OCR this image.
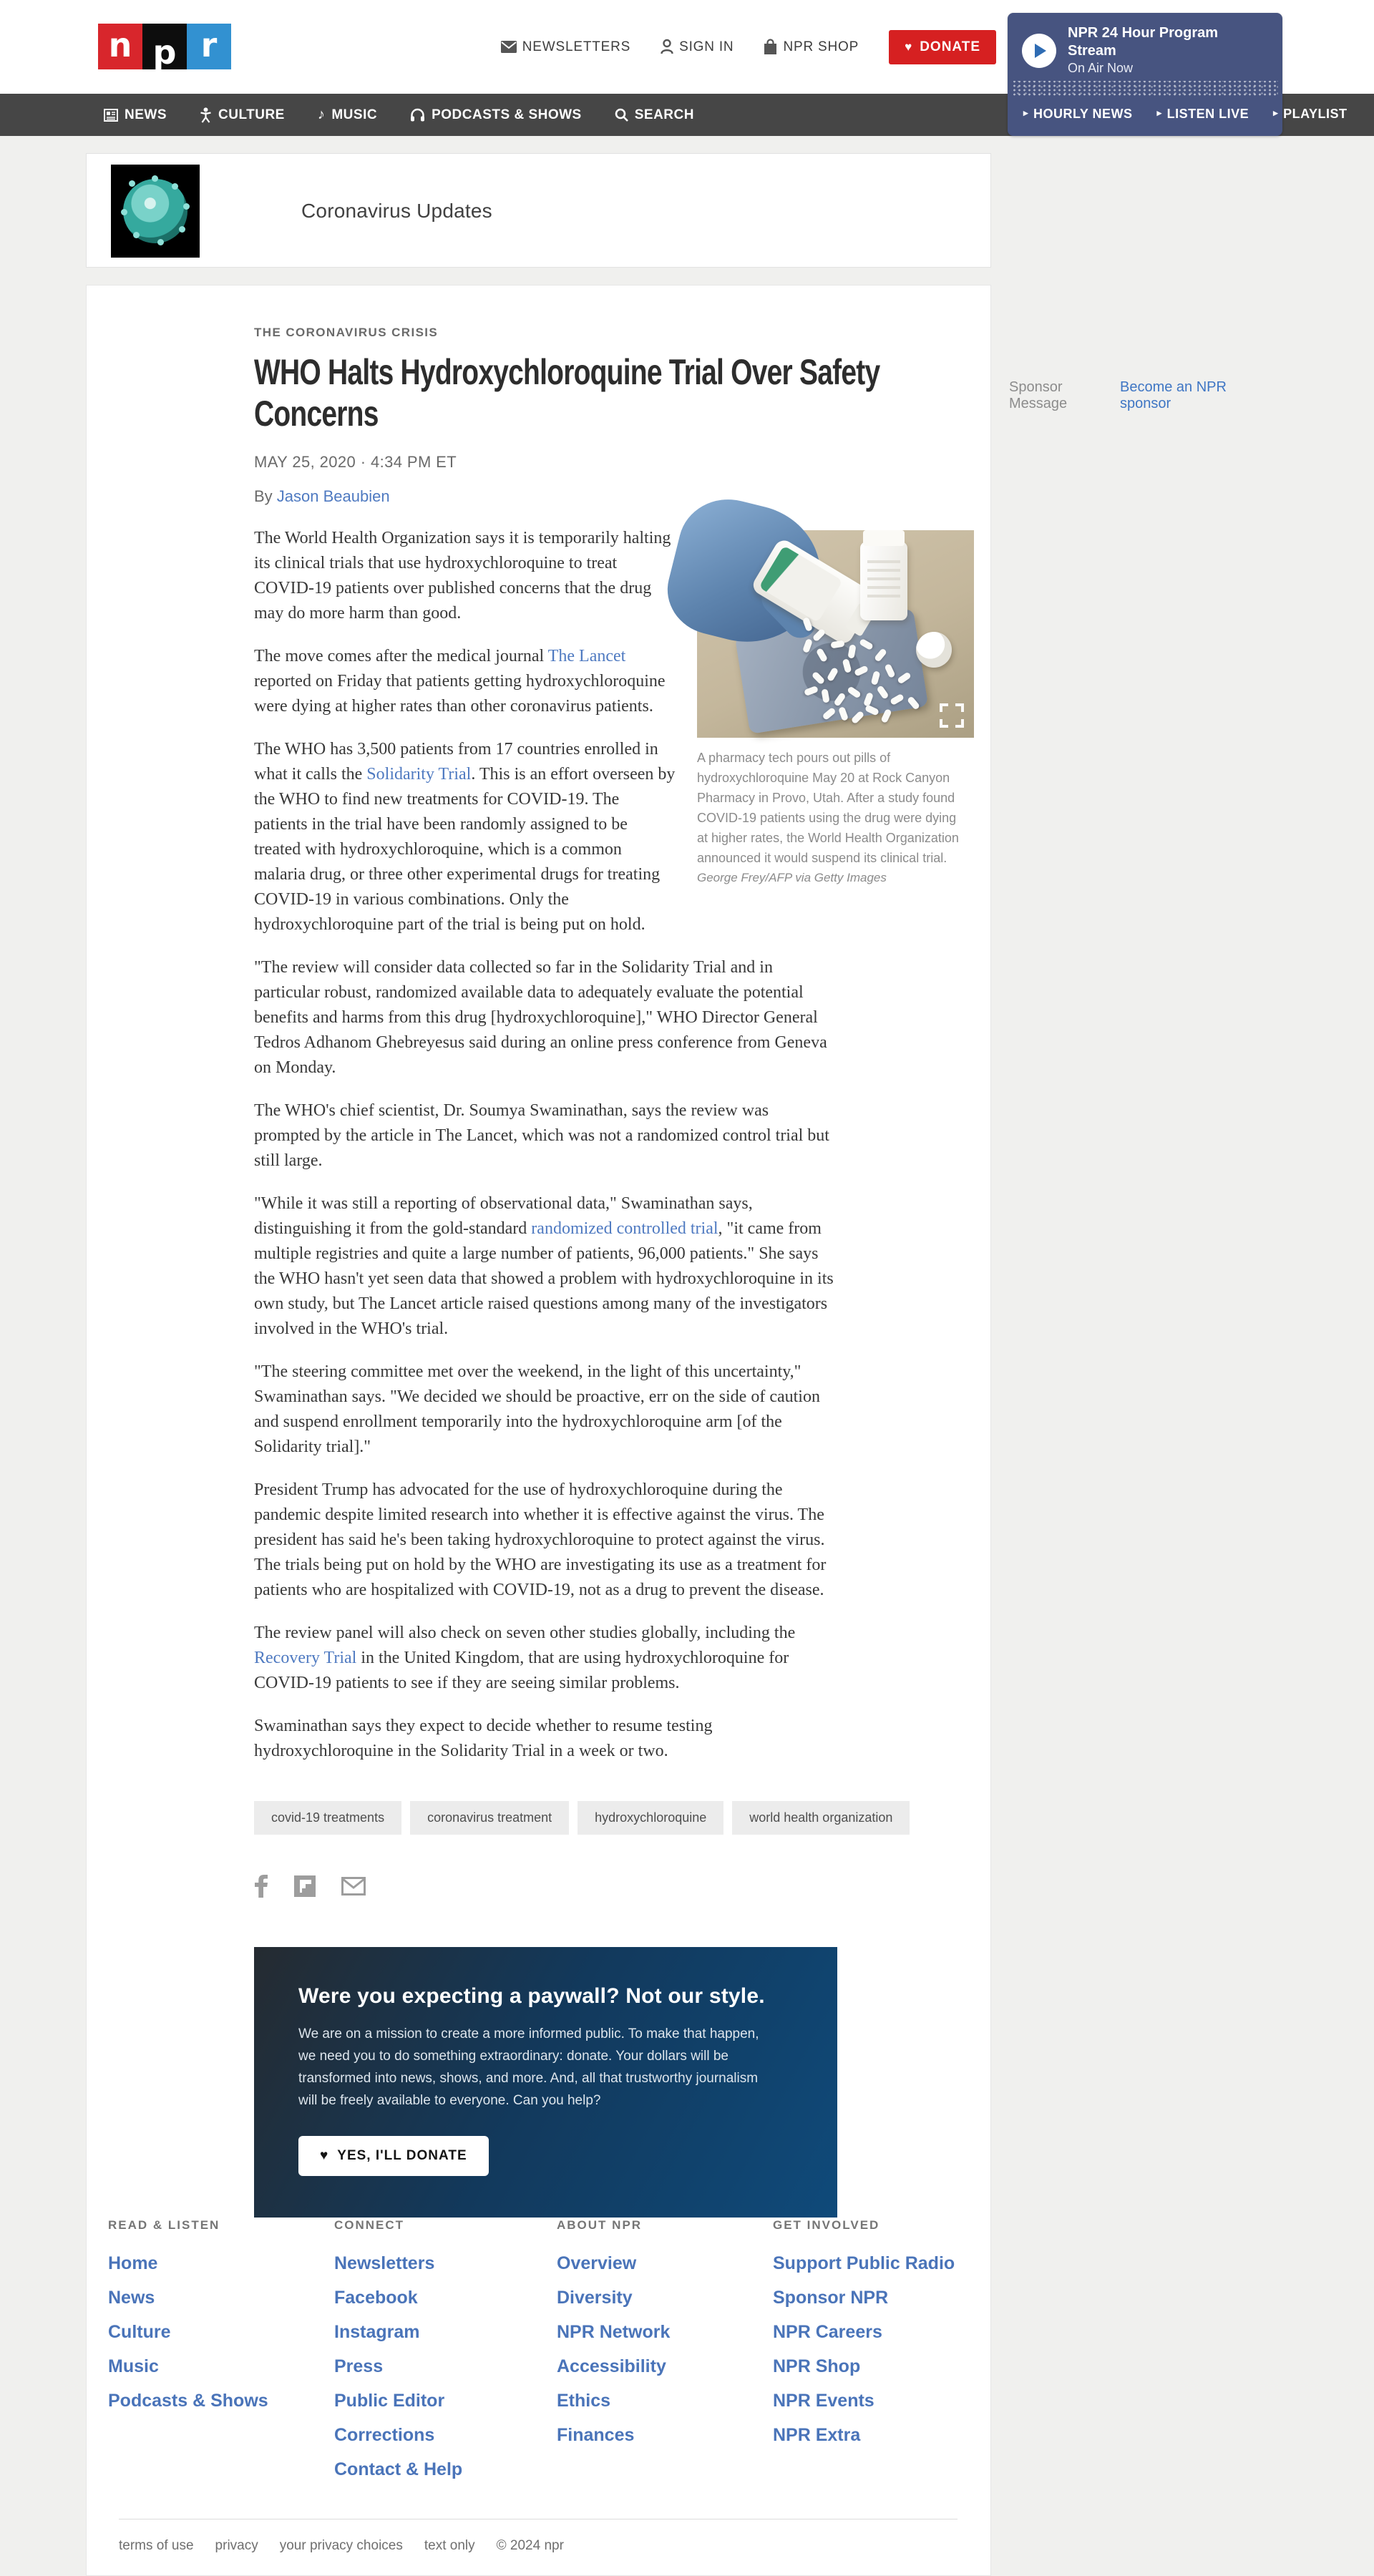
n p r	NEWSLETTERS	SIGN IN	NPR SHOP	♥ DONATE
NEWS	CULTURE ♪ MUSIC	PODCASTS & SHOWS	SEARCH
NPR 24 Hour Program Stream
On Air Now
▸ HOURLY NEWS	▸ LISTEN LIVE	▸ PLAYLIST
Coronavirus Updates
Sponsor Message
Become an NPR sponsor
THE CORONAVIRUS CRISIS
WHO Halts Hydroxychloroquine Trial Over Safety Concerns
MAY 25, 2020 · 4:34 PM ET
By Jason Beaubien
A pharmacy tech pours out pills of hydroxychloroquine May 20 at Rock Canyon Pharmacy in Provo, Utah. After a study found COVID-19 patients using the drug were dying at higher rates, the World Health Organization announced it would suspend its clinical trial.
George Frey/AFP via Getty Images

The World Health Organization says it is temporarily halting its clinical trials that use hydroxychloroquine to treat COVID-19 patients over published concerns that the drug may do more harm than good.

The move comes after the medical journal The Lancet reported on Friday that patients getting hydroxychloroquine were dying at higher rates than other coronavirus patients.

The WHO has 3,500 patients from 17 countries enrolled in what it calls the Solidarity Trial. This is an effort overseen by the WHO to find new treatments for COVID-19. The patients in the trial have been randomly assigned to be treated with hydroxychloroquine, which is a common malaria drug, or three other experimental drugs for treating COVID-19 in various combinations. Only the hydroxychloroquine part of the trial is being put on hold.

"The review will consider data collected so far in the Solidarity Trial and in particular robust, randomized available data to adequately evaluate the potential benefits and harms from this drug [hydroxychloroquine]," WHO Director General Tedros Adhanom Ghebreyesus said during an online press conference from Geneva on Monday.

The WHO's chief scientist, Dr. Soumya Swaminathan, says the review was prompted by the article in The Lancet, which was not a randomized control trial but still large.

"While it was still a reporting of observational data," Swaminathan says, distinguishing it from the gold-standard randomized controlled trial, "it came from multiple registries and quite a large number of patients, 96,000 patients." She says the WHO hasn't yet seen data that showed a problem with hydroxychloroquine in its own study, but The Lancet article raised questions among many of the investigators involved in the WHO's trial.

"The steering committee met over the weekend, in the light of this uncertainty," Swaminathan says. "We decided we should be proactive, err on the side of caution and suspend enrollment temporarily into the hydroxychloroquine arm [of the Solidarity trial]."

President Trump has advocated for the use of hydroxychloroquine during the pandemic despite limited research into whether it is effective against the virus. The president has said he's been taking hydroxychloroquine to protect against the virus. The trials being put on hold by the WHO are investigating its use as a treatment for patients who are hospitalized with COVID-19, not as a drug to prevent the disease.

The review panel will also check on seven other studies globally, including the Recovery Trial in the United Kingdom, that are using hydroxychloroquine for COVID-19 patients to see if they are seeing similar problems.

Swaminathan says they expect to decide whether to resume testing hydroxychloroquine in the Solidarity Trial in a week or two.

covid-19 treatments	coronavirus treatment	hydroxychloroquine	world health organization
Were you expecting a paywall? Not our style.
We are on a mission to create a more informed public. To make that happen, we need you to do something extraordinary: donate. Your dollars will be transformed into news, shows, and more. And, all that trustworthy journalism will be freely available to everyone. Can you help?
♥ YES, I'LL DONATE
READ & LISTEN
Home
News
Culture
Music
Podcasts & Shows
CONNECT
Newsletters
Facebook
Instagram
Press
Public Editor
Corrections
Contact & Help
ABOUT NPR
Overview
Diversity
NPR Network
Accessibility
Ethics
Finances
GET INVOLVED
Support Public Radio
Sponsor NPR
NPR Careers
NPR Shop
NPR Events
NPR Extra
terms of use privacy your privacy choices text only © 2024 npr
